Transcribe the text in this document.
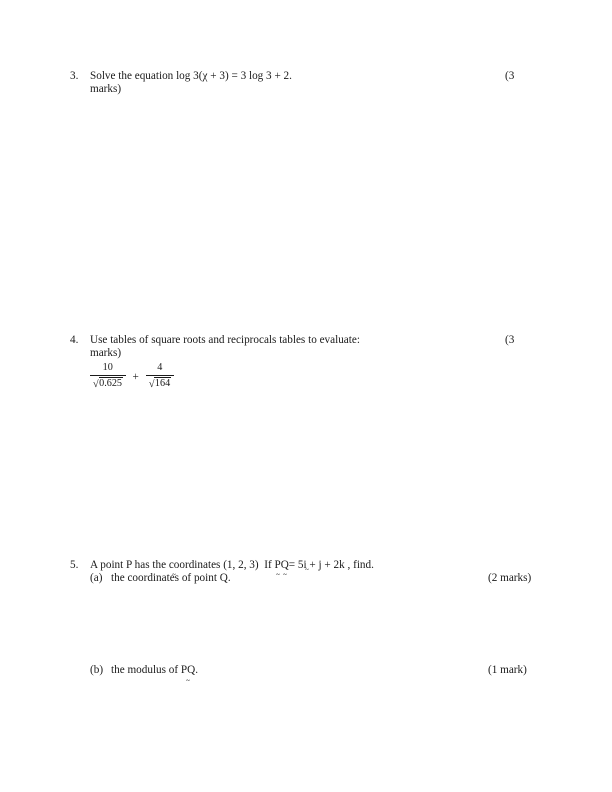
3.	Solve the equation log 3(χ + 3) = 3 log 3 + 2.
marks)
(3
4.	Use tables of square roots and reciprocals tables to evaluate:
marks)
$\frac{10}{√ 0.625} + \frac{4}{√ 164}$
(3
5.	A point P has the coordinates (1, 2, 3) ~ If P ~Q ~= 5i + j + 2k , find.
(a) the coordinates of point Q.	(2 marks)
(b) the modulus of PQ ~.	(1 mark)
